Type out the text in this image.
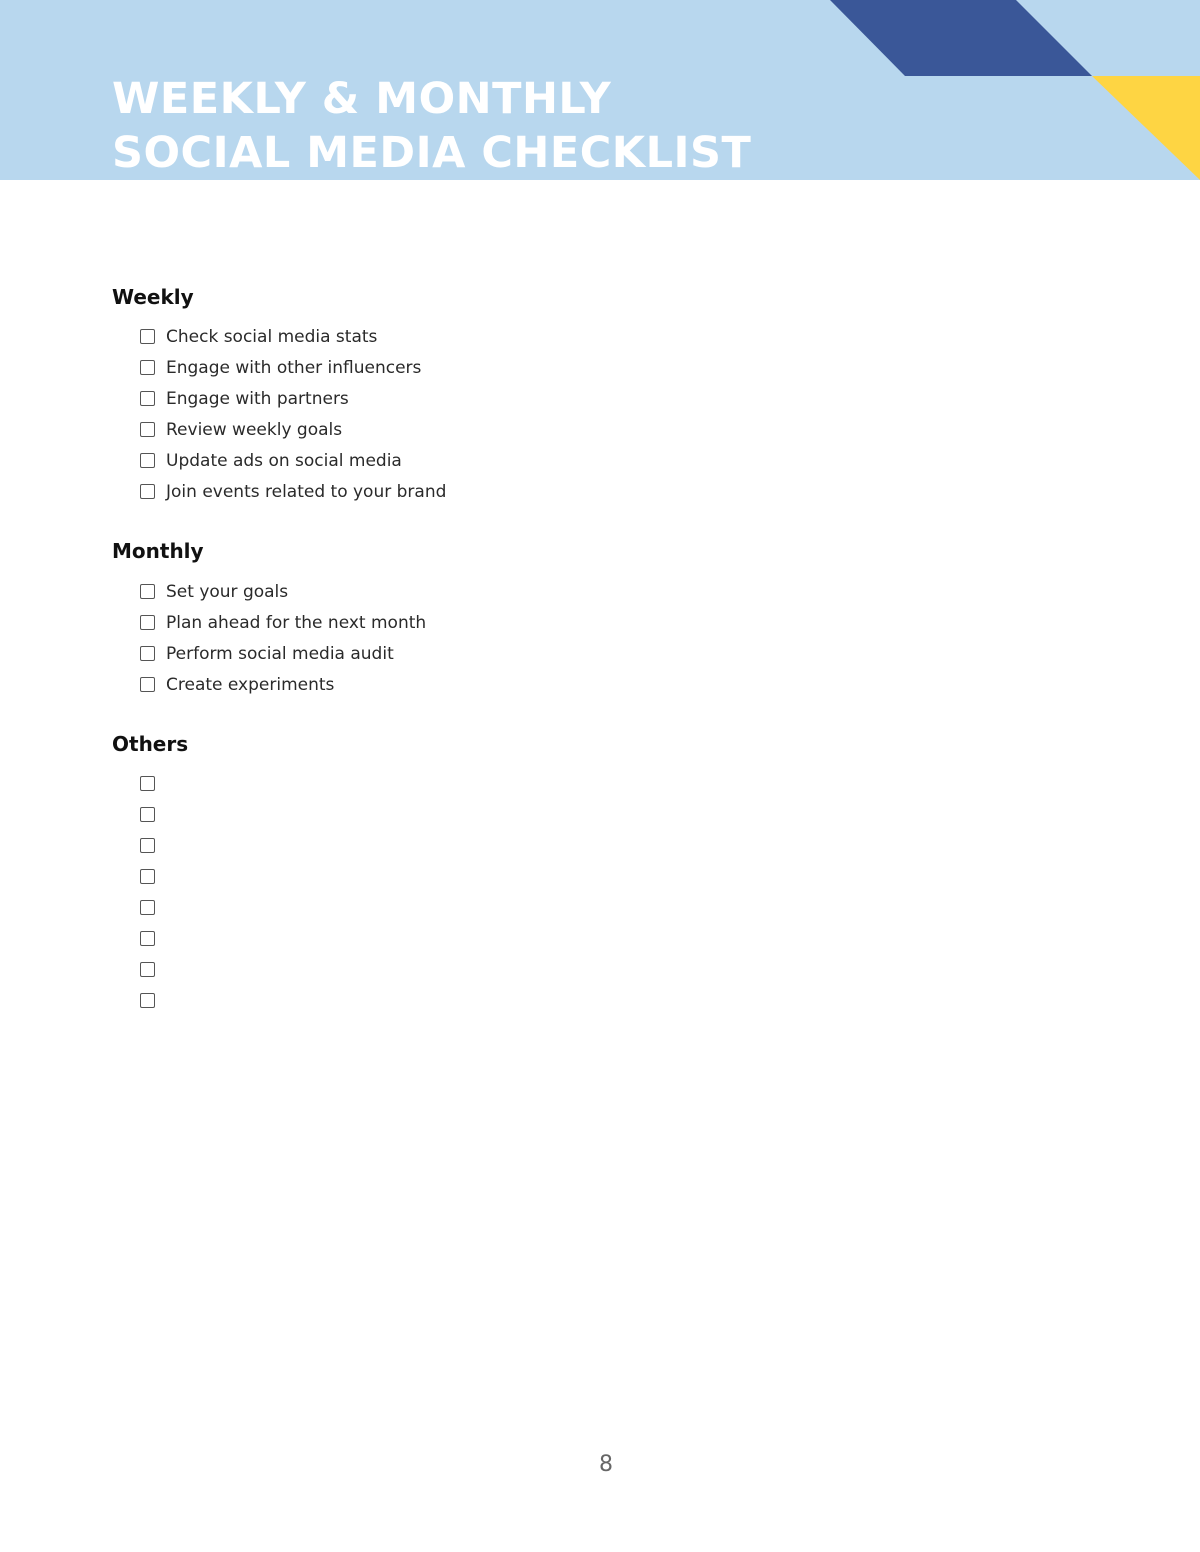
WEEKLY & MONTHLY
SOCIAL MEDIA CHECKLIST
Weekly
Check social media stats
Engage with other influencers
Engage with partners
Review weekly goals
Update ads on social media
Join events related to your brand
Monthly
Set your goals
Plan ahead for the next month
Perform social media audit
Create experiments
Others
8
